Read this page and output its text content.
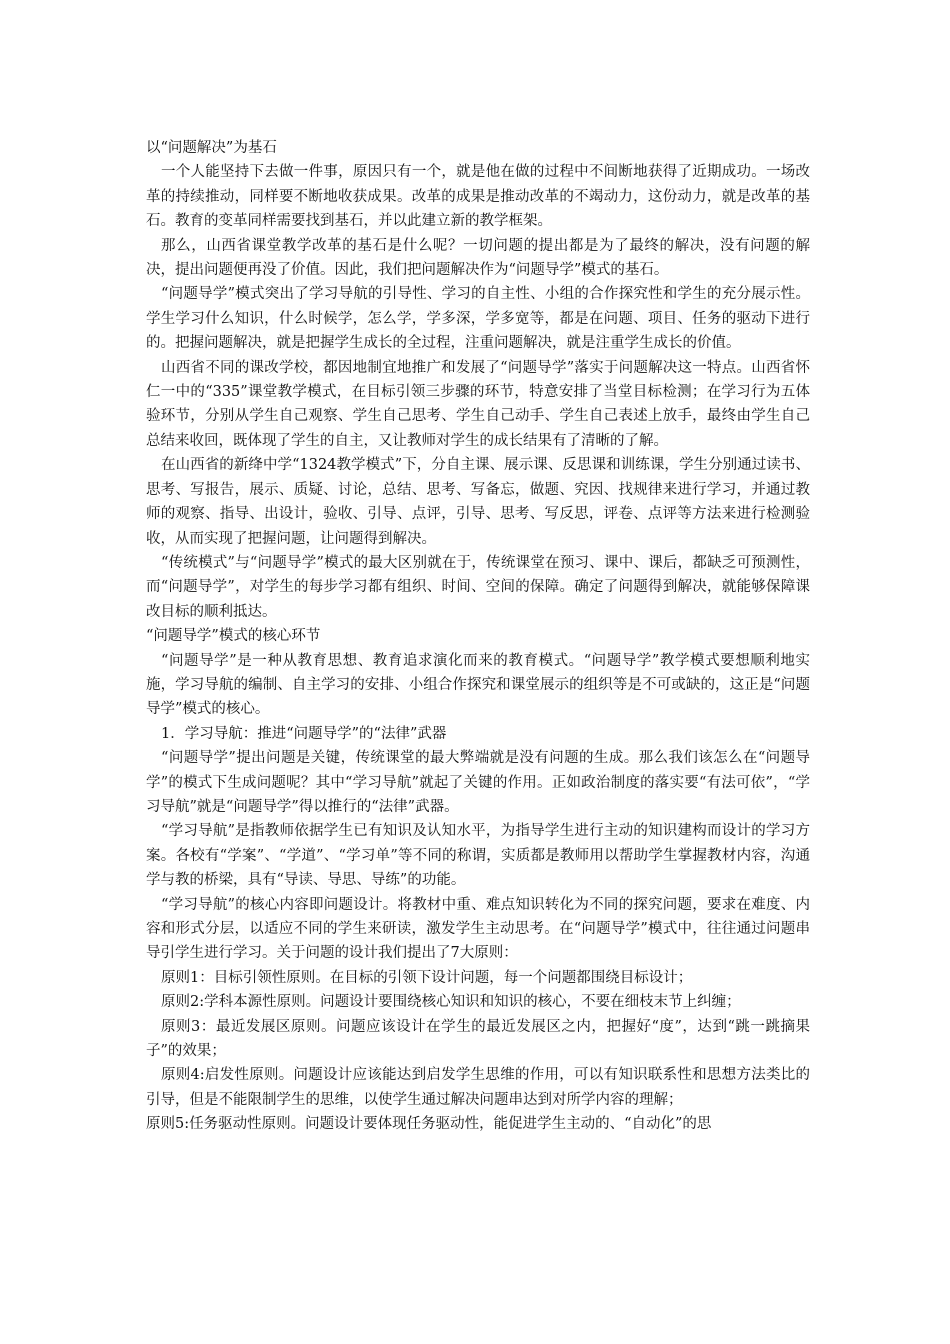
以“问题解决”为基石

一个人能坚持下去做一件事，原因只有一个，就是他在做的过程中不间断地获得了近期成功。一场改革的持续推动，同样要不断地收获成果。改革的成果是推动改革的不竭动力，这份动力，就是改革的基石。教育的变革同样需要找到基石，并以此建立新的教学框架。

那么，山西省课堂教学改革的基石是什么呢？一切问题的提出都是为了最终的解决，没有问题的解决，提出问题便再没了价值。因此，我们把问题解决作为“问题导学”模式的基石。

“问题导学”模式突出了学习导航的引导性、学习的自主性、小组的合作探究性和学生的充分展示性。学生学习什么知识，什么时候学，怎么学，学多深，学多宽等，都是在问题、项目、任务的驱动下进行的。把握问题解决，就是把握学生成长的全过程，注重问题解决，就是注重学生成长的价值。

山西省不同的课改学校，都因地制宜地推广和发展了“问题导学”落实于问题解决这一特点。山西省怀仁一中的“335”课堂教学模式，在目标引领三步骤的环节，特意安排了当堂目标检测；在学习行为五体验环节，分别从学生自己观察、学生自己思考、学生自己动手、学生自己表述上放手，最终由学生自己总结来收回，既体现了学生的自主，又让教师对学生的成长结果有了清晰的了解。

在山西省的新绛中学“1324教学模式”下，分自主课、展示课、反思课和训练课，学生分别通过读书、思考、写报告，展示、质疑、讨论，总结、思考、写备忘，做题、究因、找规律来进行学习，并通过教师的观察、指导、出设计，验收、引导、点评，引导、思考、写反思，评卷、点评等方法来进行检测验收，从而实现了把握问题，让问题得到解决。

“传统模式”与“问题导学”模式的最大区别就在于，传统课堂在预习、课中、课后，都缺乏可预测性，而“问题导学”，对学生的每步学习都有组织、时间、空间的保障。确定了问题得到解决，就能够保障课改目标的顺利抵达。

“问题导学”模式的核心环节

“问题导学”是一种从教育思想、教育追求演化而来的教育模式。“问题导学”教学模式要想顺利地实施，学习导航的编制、自主学习的安排、小组合作探究和课堂展示的组织等是不可或缺的，这正是“问题导学”模式的核心。

1．学习导航：推进“问题导学”的“法律”武器

“问题导学”提出问题是关键，传统课堂的最大弊端就是没有问题的生成。那么我们该怎么在“问题导学”的模式下生成问题呢？其中“学习导航”就起了关键的作用。正如政治制度的落实要“有法可依”，“学习导航”就是“问题导学”得以推行的“法律”武器。

“学习导航”是指教师依据学生已有知识及认知水平，为指导学生进行主动的知识建构而设计的学习方案。各校有“学案”、“学道”、“学习单”等不同的称谓，实质都是教师用以帮助学生掌握教材内容，沟通学与教的桥梁，具有“导读、导思、导练”的功能。

“学习导航”的核心内容即问题设计。将教材中重、难点知识转化为不同的探究问题，要求在难度、内容和形式分层，以适应不同的学生来研读，激发学生主动思考。在“问题导学”模式中，往往通过问题串导引学生进行学习。关于问题的设计我们提出了7大原则：

原则1：目标引领性原则。在目标的引领下设计问题，每一个问题都围绕目标设计；

原则2:学科本源性原则。问题设计要围绕核心知识和知识的核心，不要在细枝末节上纠缠；

原则3：最近发展区原则。问题应该设计在学生的最近发展区之内，把握好“度”，达到“跳一跳摘果子”的效果；

原则4:启发性原则。问题设计应该能达到启发学生思维的作用，可以有知识联系性和思想方法类比的引导，但是不能限制学生的思维，以使学生通过解决问题串达到对所学内容的理解；

原则5:任务驱动性原则。问题设计要体现任务驱动性，能促进学生主动的、“自动化”的思
